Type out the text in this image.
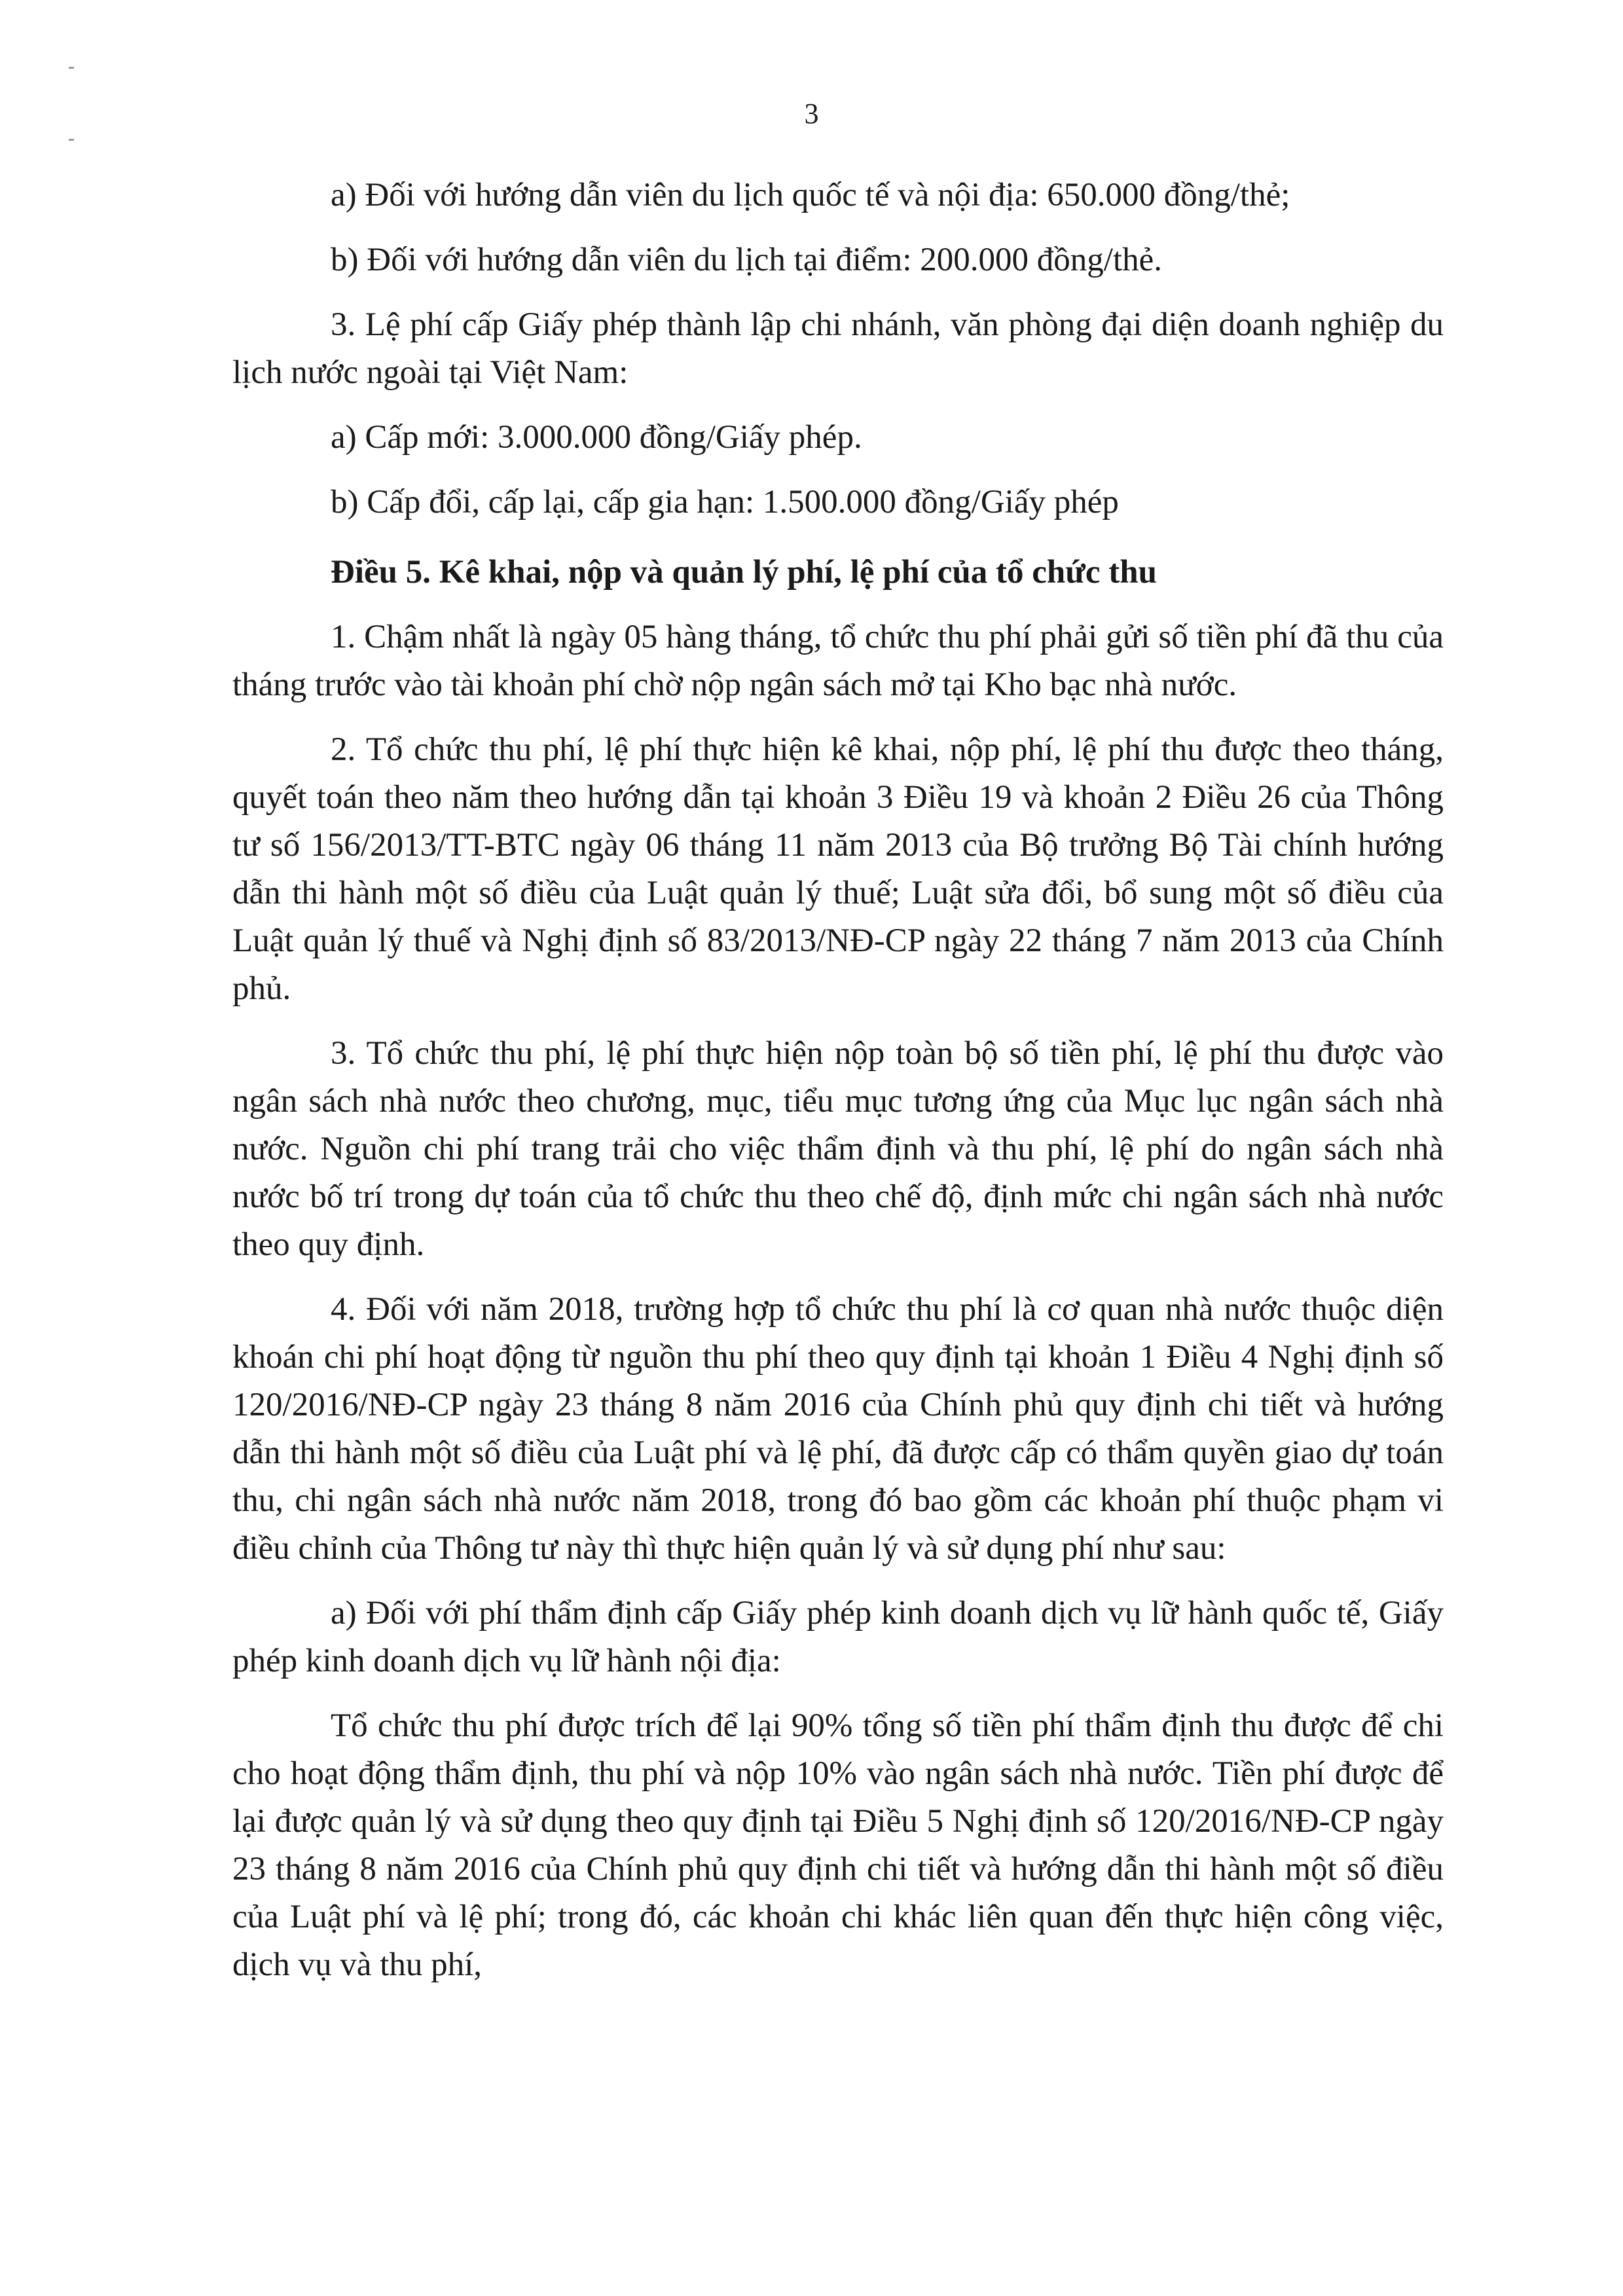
3

a) Đối với hướng dẫn viên du lịch quốc tế và nội địa: 650.000 đồng/thẻ;

b) Đối với hướng dẫn viên du lịch tại điểm: 200.000 đồng/thẻ.

3. Lệ phí cấp Giấy phép thành lập chi nhánh, văn phòng đại diện doanh nghiệp du lịch nước ngoài tại Việt Nam:

a) Cấp mới: 3.000.000 đồng/Giấy phép.

b) Cấp đổi, cấp lại, cấp gia hạn: 1.500.000 đồng/Giấy phép

Điều 5. Kê khai, nộp và quản lý phí, lệ phí của tổ chức thu

1. Chậm nhất là ngày 05 hàng tháng, tổ chức thu phí phải gửi số tiền phí đã thu của tháng trước vào tài khoản phí chờ nộp ngân sách mở tại Kho bạc nhà nước.

2. Tổ chức thu phí, lệ phí thực hiện kê khai, nộp phí, lệ phí thu được theo tháng, quyết toán theo năm theo hướng dẫn tại khoản 3 Điều 19 và khoản 2 Điều 26 của Thông tư số 156/2013/TT-BTC ngày 06 tháng 11 năm 2013 của Bộ trưởng Bộ Tài chính hướng dẫn thi hành một số điều của Luật quản lý thuế; Luật sửa đổi, bổ sung một số điều của Luật quản lý thuế và Nghị định số 83/2013/NĐ-CP ngày 22 tháng 7 năm 2013 của Chính phủ.

3. Tổ chức thu phí, lệ phí thực hiện nộp toàn bộ số tiền phí, lệ phí thu được vào ngân sách nhà nước theo chương, mục, tiểu mục tương ứng của Mục lục ngân sách nhà nước. Nguồn chi phí trang trải cho việc thẩm định và thu phí, lệ phí do ngân sách nhà nước bố trí trong dự toán của tổ chức thu theo chế độ, định mức chi ngân sách nhà nước theo quy định.

4. Đối với năm 2018, trường hợp tổ chức thu phí là cơ quan nhà nước thuộc diện khoán chi phí hoạt động từ nguồn thu phí theo quy định tại khoản 1 Điều 4 Nghị định số 120/2016/NĐ-CP ngày 23 tháng 8 năm 2016 của Chính phủ quy định chi tiết và hướng dẫn thi hành một số điều của Luật phí và lệ phí, đã được cấp có thẩm quyền giao dự toán thu, chi ngân sách nhà nước năm 2018, trong đó bao gồm các khoản phí thuộc phạm vi điều chỉnh của Thông tư này thì thực hiện quản lý và sử dụng phí như sau:

a) Đối với phí thẩm định cấp Giấy phép kinh doanh dịch vụ lữ hành quốc tế, Giấy phép kinh doanh dịch vụ lữ hành nội địa:

Tổ chức thu phí được trích để lại 90% tổng số tiền phí thẩm định thu được để chi cho hoạt động thẩm định, thu phí và nộp 10% vào ngân sách nhà nước. Tiền phí được để lại được quản lý và sử dụng theo quy định tại Điều 5 Nghị định số 120/2016/NĐ-CP ngày 23 tháng 8 năm 2016 của Chính phủ quy định chi tiết và hướng dẫn thi hành một số điều của Luật phí và lệ phí; trong đó, các khoản chi khác liên quan đến thực hiện công việc, dịch vụ và thu phí,
